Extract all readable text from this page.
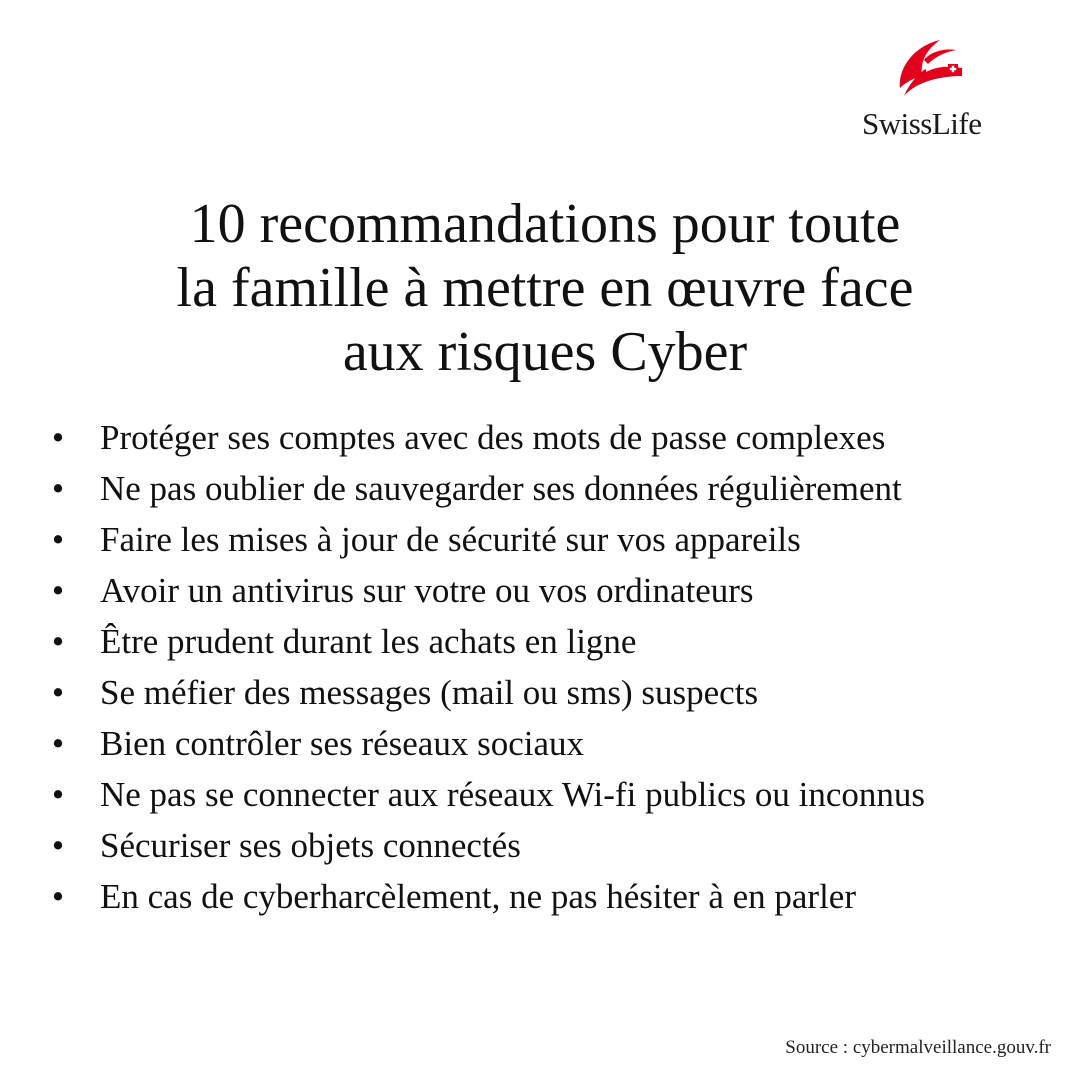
SwissLife
10 recommandations pour toute
la famille à mettre en œuvre face
aux risques Cyber
• Protéger ses comptes avec des mots de passe complexes
• Ne pas oublier de sauvegarder ses données régulièrement
• Faire les mises à jour de sécurité sur vos appareils
• Avoir un antivirus sur votre ou vos ordinateurs
• Être prudent durant les achats en ligne
• Se méfier des messages (mail ou sms) suspects
• Bien contrôler ses réseaux sociaux
• Ne pas se connecter aux réseaux Wi-fi publics ou inconnus
• Sécuriser ses objets connectés
• En cas de cyberharcèlement, ne pas hésiter à en parler
Source : cybermalveillance.gouv.fr
